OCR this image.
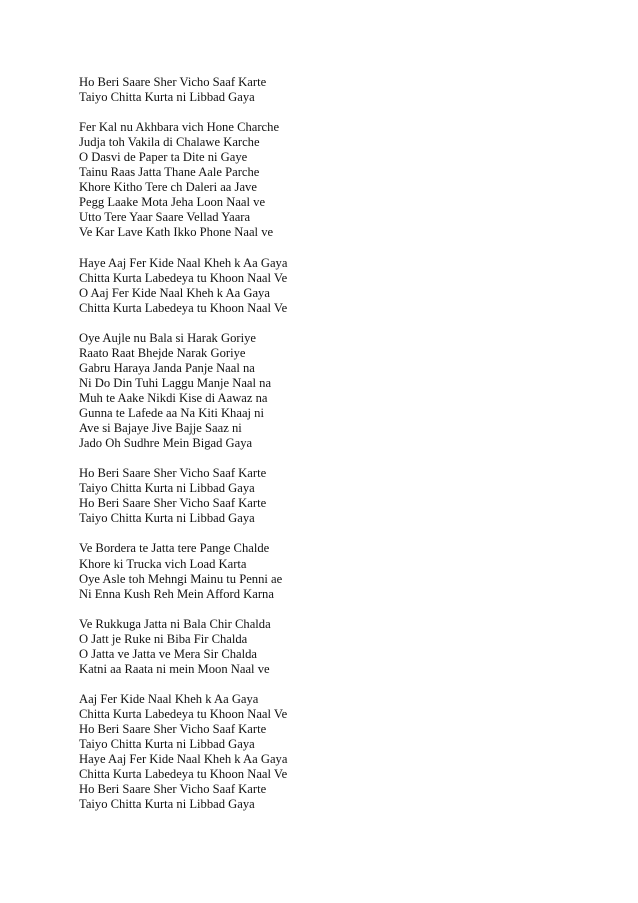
Ho Beri Saare Sher Vicho Saaf Karte
Taiyo Chitta Kurta ni Libbad Gaya
Fer Kal nu Akhbara vich Hone Charche
Judja toh Vakila di Chalawe Karche
O Dasvi de Paper ta Dite ni Gaye
Tainu Raas Jatta Thane Aale Parche
Khore Kitho Tere ch Daleri aa Jave
Pegg Laake Mota Jeha Loon Naal ve
Utto Tere Yaar Saare Vellad Yaara
Ve Kar Lave Kath Ikko Phone Naal ve
Haye Aaj Fer Kide Naal Kheh k Aa Gaya
Chitta Kurta Labedeya tu Khoon Naal Ve
O Aaj Fer Kide Naal Kheh k Aa Gaya
Chitta Kurta Labedeya tu Khoon Naal Ve
Oye Aujle nu Bala si Harak Goriye
Raato Raat Bhejde Narak Goriye
Gabru Haraya Janda Panje Naal na
Ni Do Din Tuhi Laggu Manje Naal na
Muh te Aake Nikdi Kise di Aawaz na
Gunna te Lafede aa Na Kiti Khaaj ni
Ave si Bajaye Jive Bajje Saaz ni
Jado Oh Sudhre Mein Bigad Gaya
Ho Beri Saare Sher Vicho Saaf Karte
Taiyo Chitta Kurta ni Libbad Gaya
Ho Beri Saare Sher Vicho Saaf Karte
Taiyo Chitta Kurta ni Libbad Gaya
Ve Bordera te Jatta tere Pange Chalde
Khore ki Trucka vich Load Karta
Oye Asle toh Mehngi Mainu tu Penni ae
Ni Enna Kush Reh Mein Afford Karna
Ve Rukkuga Jatta ni Bala Chir Chalda
O Jatt je Ruke ni Biba Fir Chalda
O Jatta ve Jatta ve Mera Sir Chalda
Katni aa Raata ni mein Moon Naal ve
Aaj Fer Kide Naal Kheh k Aa Gaya
Chitta Kurta Labedeya tu Khoon Naal Ve
Ho Beri Saare Sher Vicho Saaf Karte
Taiyo Chitta Kurta ni Libbad Gaya
Haye Aaj Fer Kide Naal Kheh k Aa Gaya
Chitta Kurta Labedeya tu Khoon Naal Ve
Ho Beri Saare Sher Vicho Saaf Karte
Taiyo Chitta Kurta ni Libbad Gaya
